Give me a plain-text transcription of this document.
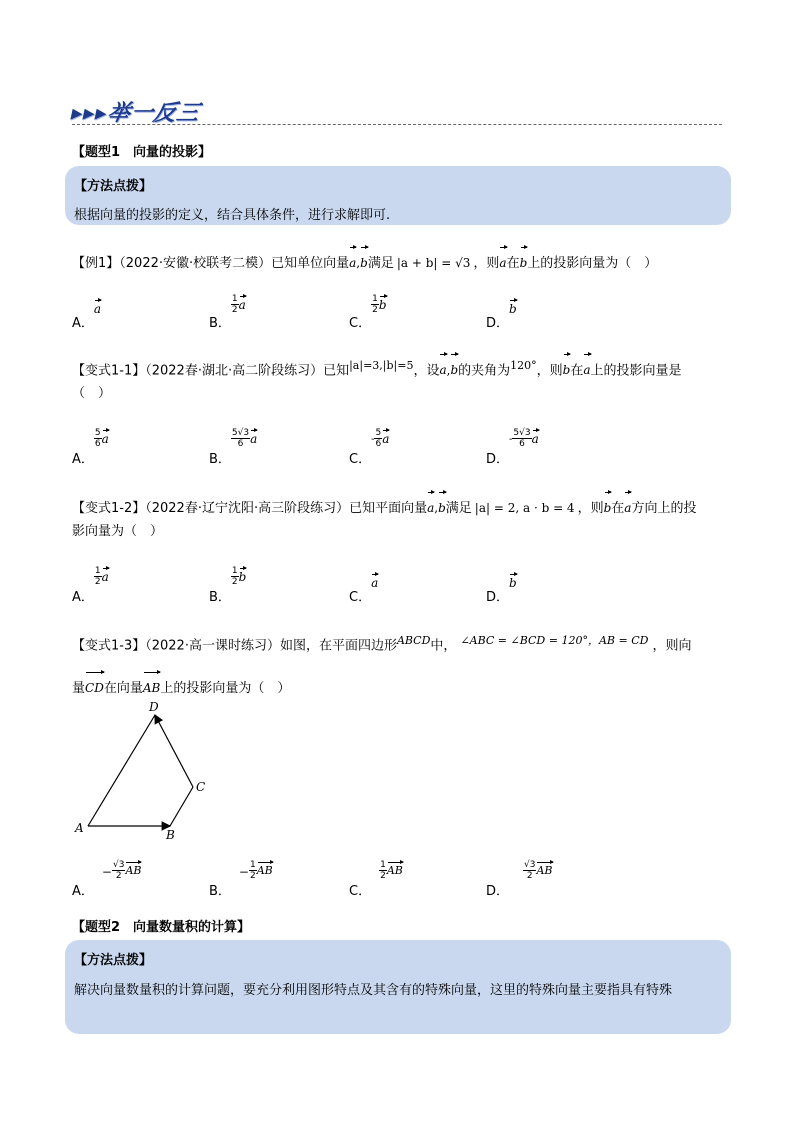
▸▸▸举一反三
【题型1　向量的投影】
【方法点拨】
根据向量的投影的定义，结合具体条件，进行求解即可.
【例1】（2022·安徽·校联考二模）已知单位向量a,b满足 |a + b| = √3 ，则a在b上的投影向量为（　）
A．a
B．
$\frac{1}{2}$ a
C．
$\frac{1}{2}$ b
D．b
【变式1-1】（2022春·湖北·高二阶段练习）已知$^{|a|=3,|b|=5}$，设a,b的夹角为$^{120^\circ}$，则b在a上的投影向量是
（　）
A．
$\frac{5}{6}$ a
B．
$\frac{5√3}{6}$ a
C．- $\frac{5}{6}$ a
D．- $\frac{5√3}{6}$ a
【变式1-2】（2022春·辽宁沈阳·高三阶段练习）已知平面向量a,b满足 |a| = 2, a · b = 4 ，则b在a方向上的投
影向量为（　）
A．
$\frac{1}{2}$ a
B．
$\frac{1}{2}$ b
C．a
D．b
【变式1-3】（2022·高一课时练习）如图，在平面四边形$^{ABCD}$中， $^{\angle ABC = \angle BCD = 120^\circ,AB = CD}$ ，则向
量CD在向量AB上的投影向量为（　）
A	B
C
D
A．− $\frac{√3}{2}$ AB
B．− $\frac{1}{2}$ AB
C．
$\frac{1}{2}$ AB
D．
$\frac{√3}{2}$ AB
【题型2　向量数量积的计算】
【方法点拨】
解决向量数量积的计算问题，要充分利用图形特点及其含有的特殊向量，这里的特殊向量主要指具有特殊
